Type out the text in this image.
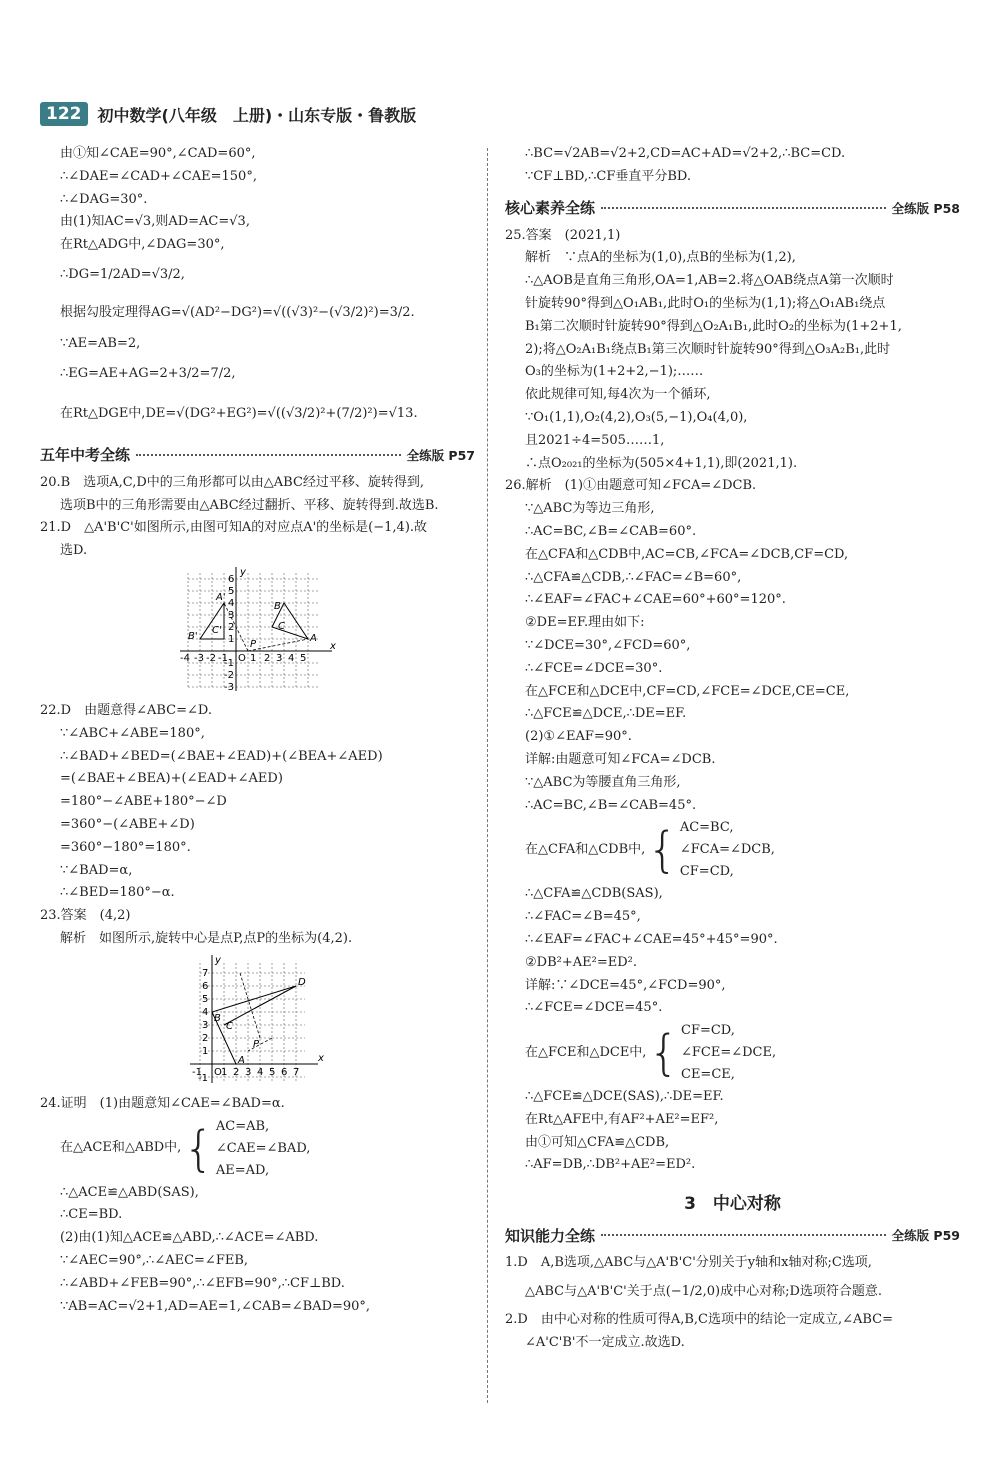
122	初中数学(八年级　上册)・山东专版・鲁教版
由①知∠CAE=90°,∠CAD=60°,
∴∠DAE=∠CAD+∠CAE=150°,
∴∠DAG=30°.
由(1)知AC=√3,则AD=AC=√3,
在Rt△ADG中,∠DAG=30°,
∴DG=1/2AD=√3/2,
根据勾股定理得AG=√(AD²−DG²)=√((√3)²−(√3/2)²)=3/2.
∵AE=AB=2,
∴EG=AE+AG=2+3/2=7/2,
在Rt△DGE中,DE=√(DG²+EG²)=√((√3/2)²+(7/2)²)=√13.
五年中考全练	全练版 P57
20.B　选项A,C,D中的三角形都可以由△ABC经过平移、旋转得到,
选项B中的三角形需要由△ABC经过翻折、平移、旋转得到.故选B.
21.D　△A'B'C'如图所示,由图可知A的对应点A'的坐标是(−1,4).故
选D.
-4 -3 -2 -1 O 1 2 3 4 5
6
5
4
3
2
1
-1
-2
-3
A'
B'
C'
B
C
A
P	x
y
22.D　由题意得∠ABC=∠D.
∵∠ABC+∠ABE=180°,
∴∠BAD+∠BED=(∠BAE+∠EAD)+(∠BEA+∠AED)
=(∠BAE+∠BEA)+(∠EAD+∠AED)
=180°−∠ABE+180°−∠D
=360°−(∠ABE+∠D)
=360°−180°=180°.
∵∠BAD=α,
∴∠BED=180°−α.
23.答案　(4,2)
解析　如图所示,旋转中心是点P,点P的坐标为(4,2).
-1 O 1 2 3 4 5 6 7
7
6
5
4
3
2
1
-1
D
B
C
P
A	x
y
24.证明　(1)由题意知∠CAE=∠BAD=α.
在△ACE和△ABD中, { AC=AB,
∠CAE=∠BAD,
AE=AD,
∴△ACE≌△ABD(SAS),
∴CE=BD.
(2)由(1)知△ACE≌△ABD,∴∠ACE=∠ABD.
∵∠AEC=90°,∴∠AEC=∠FEB,
∴∠ABD+∠FEB=90°,∴∠EFB=90°,∴CF⊥BD.
∵AB=AC=√2+1,AD=AE=1,∠CAB=∠BAD=90°,
∴BC=√2AB=√2+2,CD=AC+AD=√2+2,∴BC=CD.
∵CF⊥BD,∴CF垂直平分BD.
核心素养全练	全练版 P58
25.答案　(2021,1)
解析　∵点A的坐标为(1,0),点B的坐标为(1,2),
∴△AOB是直角三角形,OA=1,AB=2.将△OAB绕点A第一次顺时
针旋转90°得到△O₁AB₁,此时O₁的坐标为(1,1);将△O₁AB₁绕点
B₁第二次顺时针旋转90°得到△O₂A₁B₁,此时O₂的坐标为(1+2+1,
2);将△O₂A₁B₁绕点B₁第三次顺时针旋转90°得到△O₃A₂B₁,此时
O₃的坐标为(1+2+2,−1);……
依此规律可知,每4次为一个循环,
∵O₁(1,1),O₂(4,2),O₃(5,−1),O₄(4,0),
且2021÷4=505……1,
∴点O₂₀₂₁的坐标为(505×4+1,1),即(2021,1).
26.解析　(1)①由题意可知∠FCA=∠DCB.
∵△ABC为等边三角形,
∴AC=BC,∠B=∠CAB=60°.
在△CFA和△CDB中,AC=CB,∠FCA=∠DCB,CF=CD,
∴△CFA≌△CDB,∴∠FAC=∠B=60°,
∴∠EAF=∠FAC+∠CAE=60°+60°=120°.
②DE=EF.理由如下:
∵∠DCE=30°,∠FCD=60°,
∴∠FCE=∠DCE=30°.
在△FCE和△DCE中,CF=CD,∠FCE=∠DCE,CE=CE,
∴△FCE≌△DCE,∴DE=EF.
(2)①∠EAF=90°.
详解:由题意可知∠FCA=∠DCB.
∵△ABC为等腰直角三角形,
∴AC=BC,∠B=∠CAB=45°.
在△CFA和△CDB中, { AC=BC,
∠FCA=∠DCB,
CF=CD,
∴△CFA≌△CDB(SAS),
∴∠FAC=∠B=45°,
∴∠EAF=∠FAC+∠CAE=45°+45°=90°.
②DB²+AE²=ED².
详解:∵∠DCE=45°,∠FCD=90°,
∴∠FCE=∠DCE=45°.
在△FCE和△DCE中, { CF=CD,
∠FCE=∠DCE,
CE=CE,
∴△FCE≌△DCE(SAS),∴DE=EF.
在Rt△AFE中,有AF²+AE²=EF²,
由①可知△CFA≌△CDB,
∴AF=DB,∴DB²+AE²=ED².
3　中心对称
知识能力全练	全练版 P59
1.D　A,B选项,△ABC与△A'B'C'分别关于y轴和x轴对称;C选项,
△ABC与△A'B'C'关于点(−1/2,0)成中心对称;D选项符合题意.
2.D　由中心对称的性质可得A,B,C选项中的结论一定成立,∠ABC=
∠A'C'B'不一定成立.故选D.
